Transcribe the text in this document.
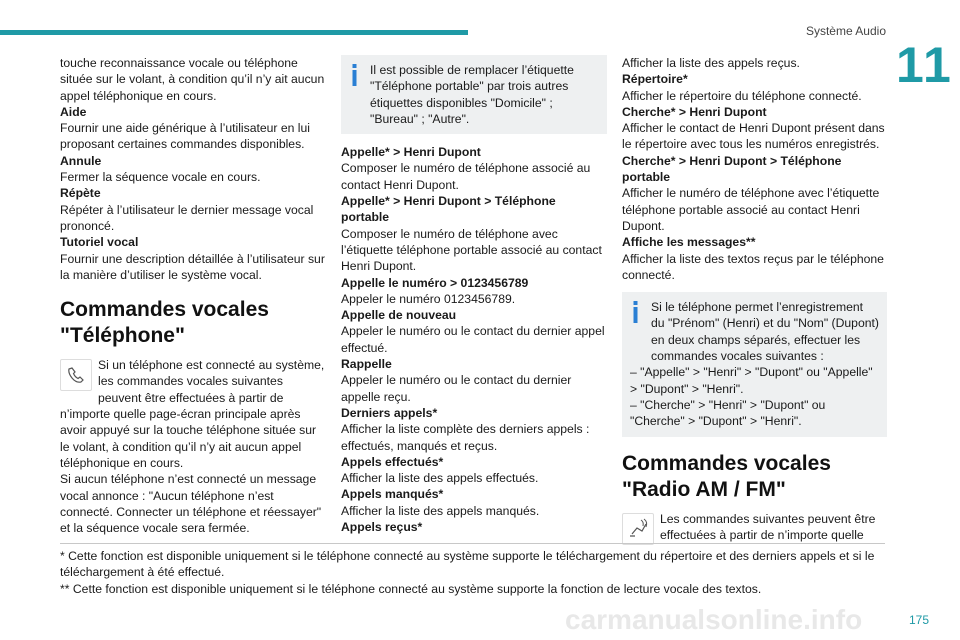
Système Audio
11

touche reconnaissance vocale ou téléphone située sur le volant, à condition qu’il n’y ait aucun appel téléphonique en cours.

Aide

Fournir une aide générique à l’utilisateur en lui proposant certaines commandes disponibles.

Annule

Fermer la séquence vocale en cours.

Répète

Répéter à l’utilisateur le dernier message vocal prononcé.

Tutoriel vocal

Fournir une description détaillée à l’utilisateur sur la manière d’utiliser le système vocal.

Commandes vocales "Téléphone"

Si un téléphone est connecté au système, les commandes vocales suivantes peuvent être effectuées à partir de n’importe quelle page-écran principale après avoir appuyé sur la touche téléphone située sur le volant, à condition qu’il n’y ait aucun appel téléphonique en cours.

Si aucun téléphone n’est connecté un message vocal annonce : "Aucun téléphone n’est connecté. Connecter un téléphone et réessayer" et la séquence vocale sera fermée.

Il est possible de remplacer l’étiquette "Téléphone portable" par trois autres étiquettes disponibles "Domicile" ; "Bureau" ; "Autre".

Appelle* > Henri Dupont

Composer le numéro de téléphone associé au contact Henri Dupont.

Appelle* > Henri Dupont > Téléphone portable

Composer le numéro de téléphone avec l’étiquette téléphone portable associé au contact Henri Dupont.

Appelle le numéro > 0123456789

Appeler le numéro 0123456789.

Appelle de nouveau

Appeler le numéro ou le contact du dernier appel effectué.

Rappelle

Appeler le numéro ou le contact du dernier appelle reçu.

Derniers appels*

Afficher la liste complète des derniers appels : effectués, manqués et reçus.

Appels effectués*

Afficher la liste des appels effectués.

Appels manqués*

Afficher la liste des appels manqués.

Appels reçus*

Afficher la liste des appels reçus.

Répertoire*

Afficher le répertoire du téléphone connecté.

Cherche* > Henri Dupont

Afficher le contact de Henri Dupont présent dans le répertoire avec tous les numéros enregistrés.

Cherche* > Henri Dupont > Téléphone portable

Afficher le numéro de téléphone avec l’étiquette téléphone portable associé au contact Henri Dupont.

Affiche les messages**

Afficher la liste des textos reçus par le téléphone connecté.

Si le téléphone permet l’enregistrement du "Prénom" (Henri) et du "Nom" (Dupont) en deux champs séparés, effectuer les commandes vocales suivantes :

– "Appelle" > "Henri" > "Dupont" ou "Appelle" > "Dupont" > "Henri".

– "Cherche" > "Henri" > "Dupont" ou "Cherche" > "Dupont" > "Henri".

Commandes vocales "Radio AM / FM"

Les commandes suivantes peuvent être effectuées à partir de n’importe quelle

* Cette fonction est disponible uniquement si le téléphone connecté au système supporte le téléchargement du répertoire et des derniers appels et si le téléchargement à été effectué.

** Cette fonction est disponible uniquement si le téléphone connecté au système supporte la fonction de lecture vocale des textos.

carmanualsonline.info	175
